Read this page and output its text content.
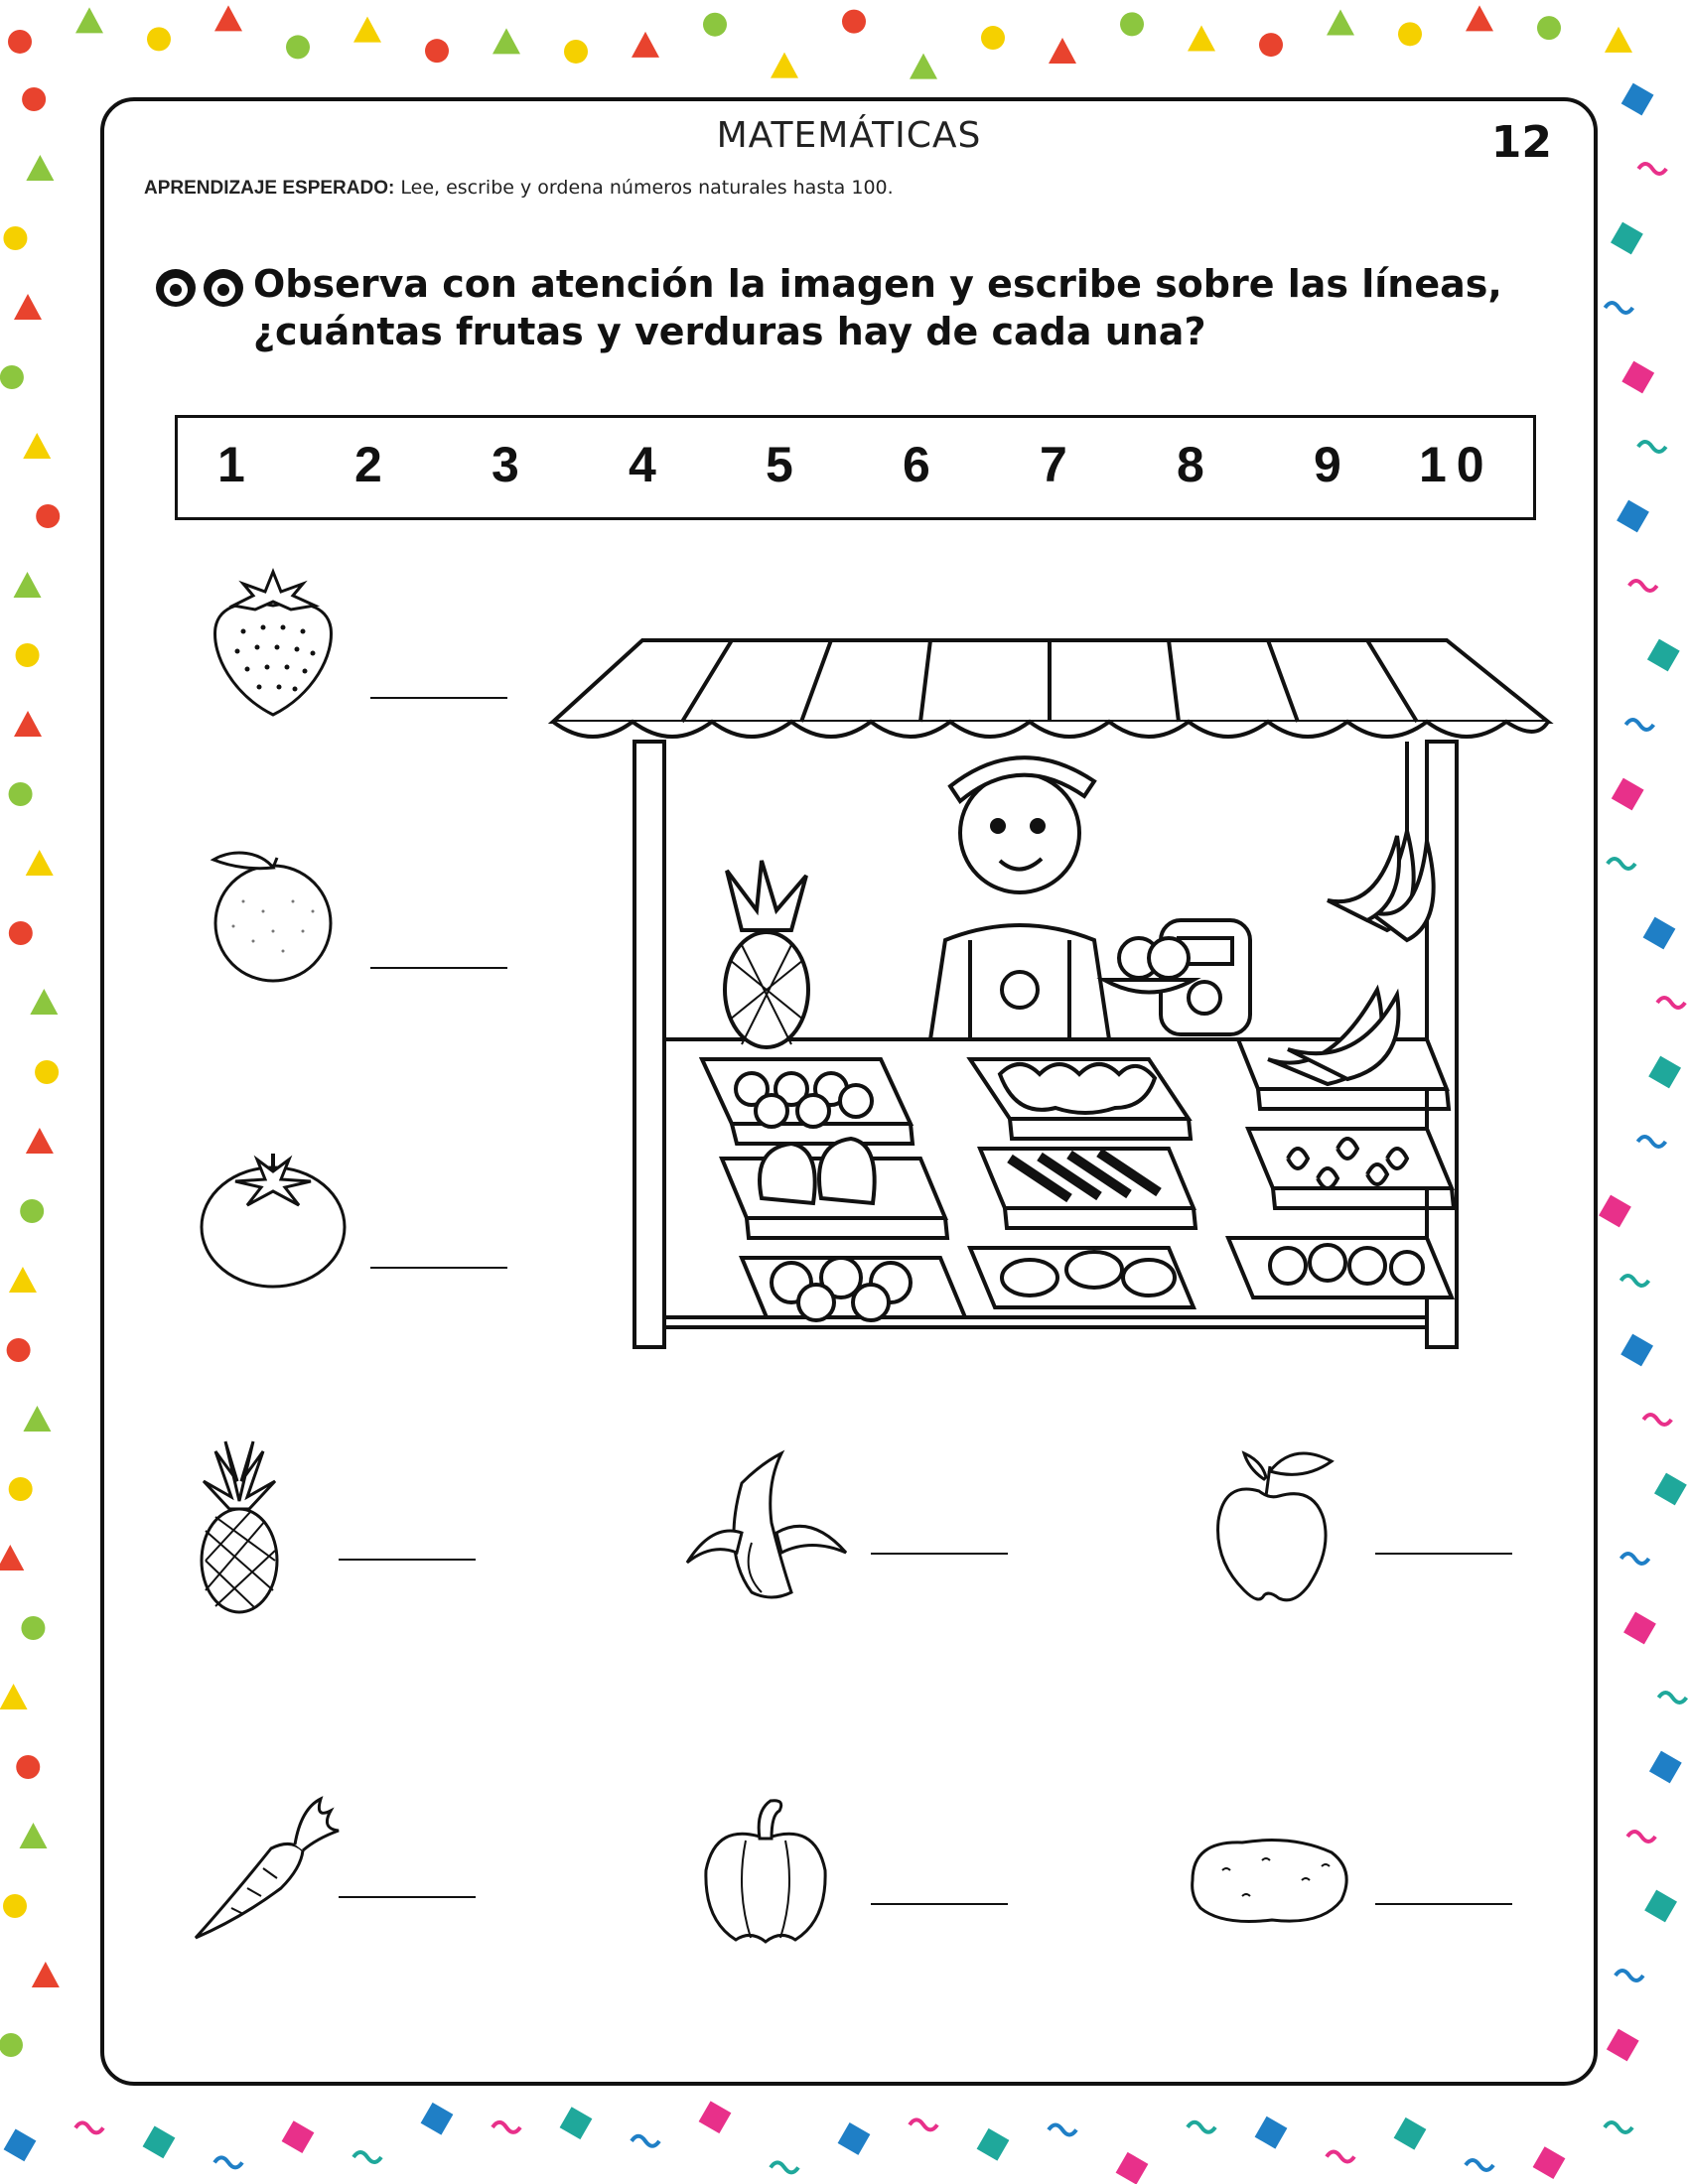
MATEMÁTICAS	12
APRENDIZAJE ESPERADO: Lee, escribe y ordena números naturales hasta 100.
Observa con atención la imagen y escribe sobre las líneas, ¿cuántas frutas y verduras hay de cada una?
1 2 3 4 5 6 7 8 9 10
